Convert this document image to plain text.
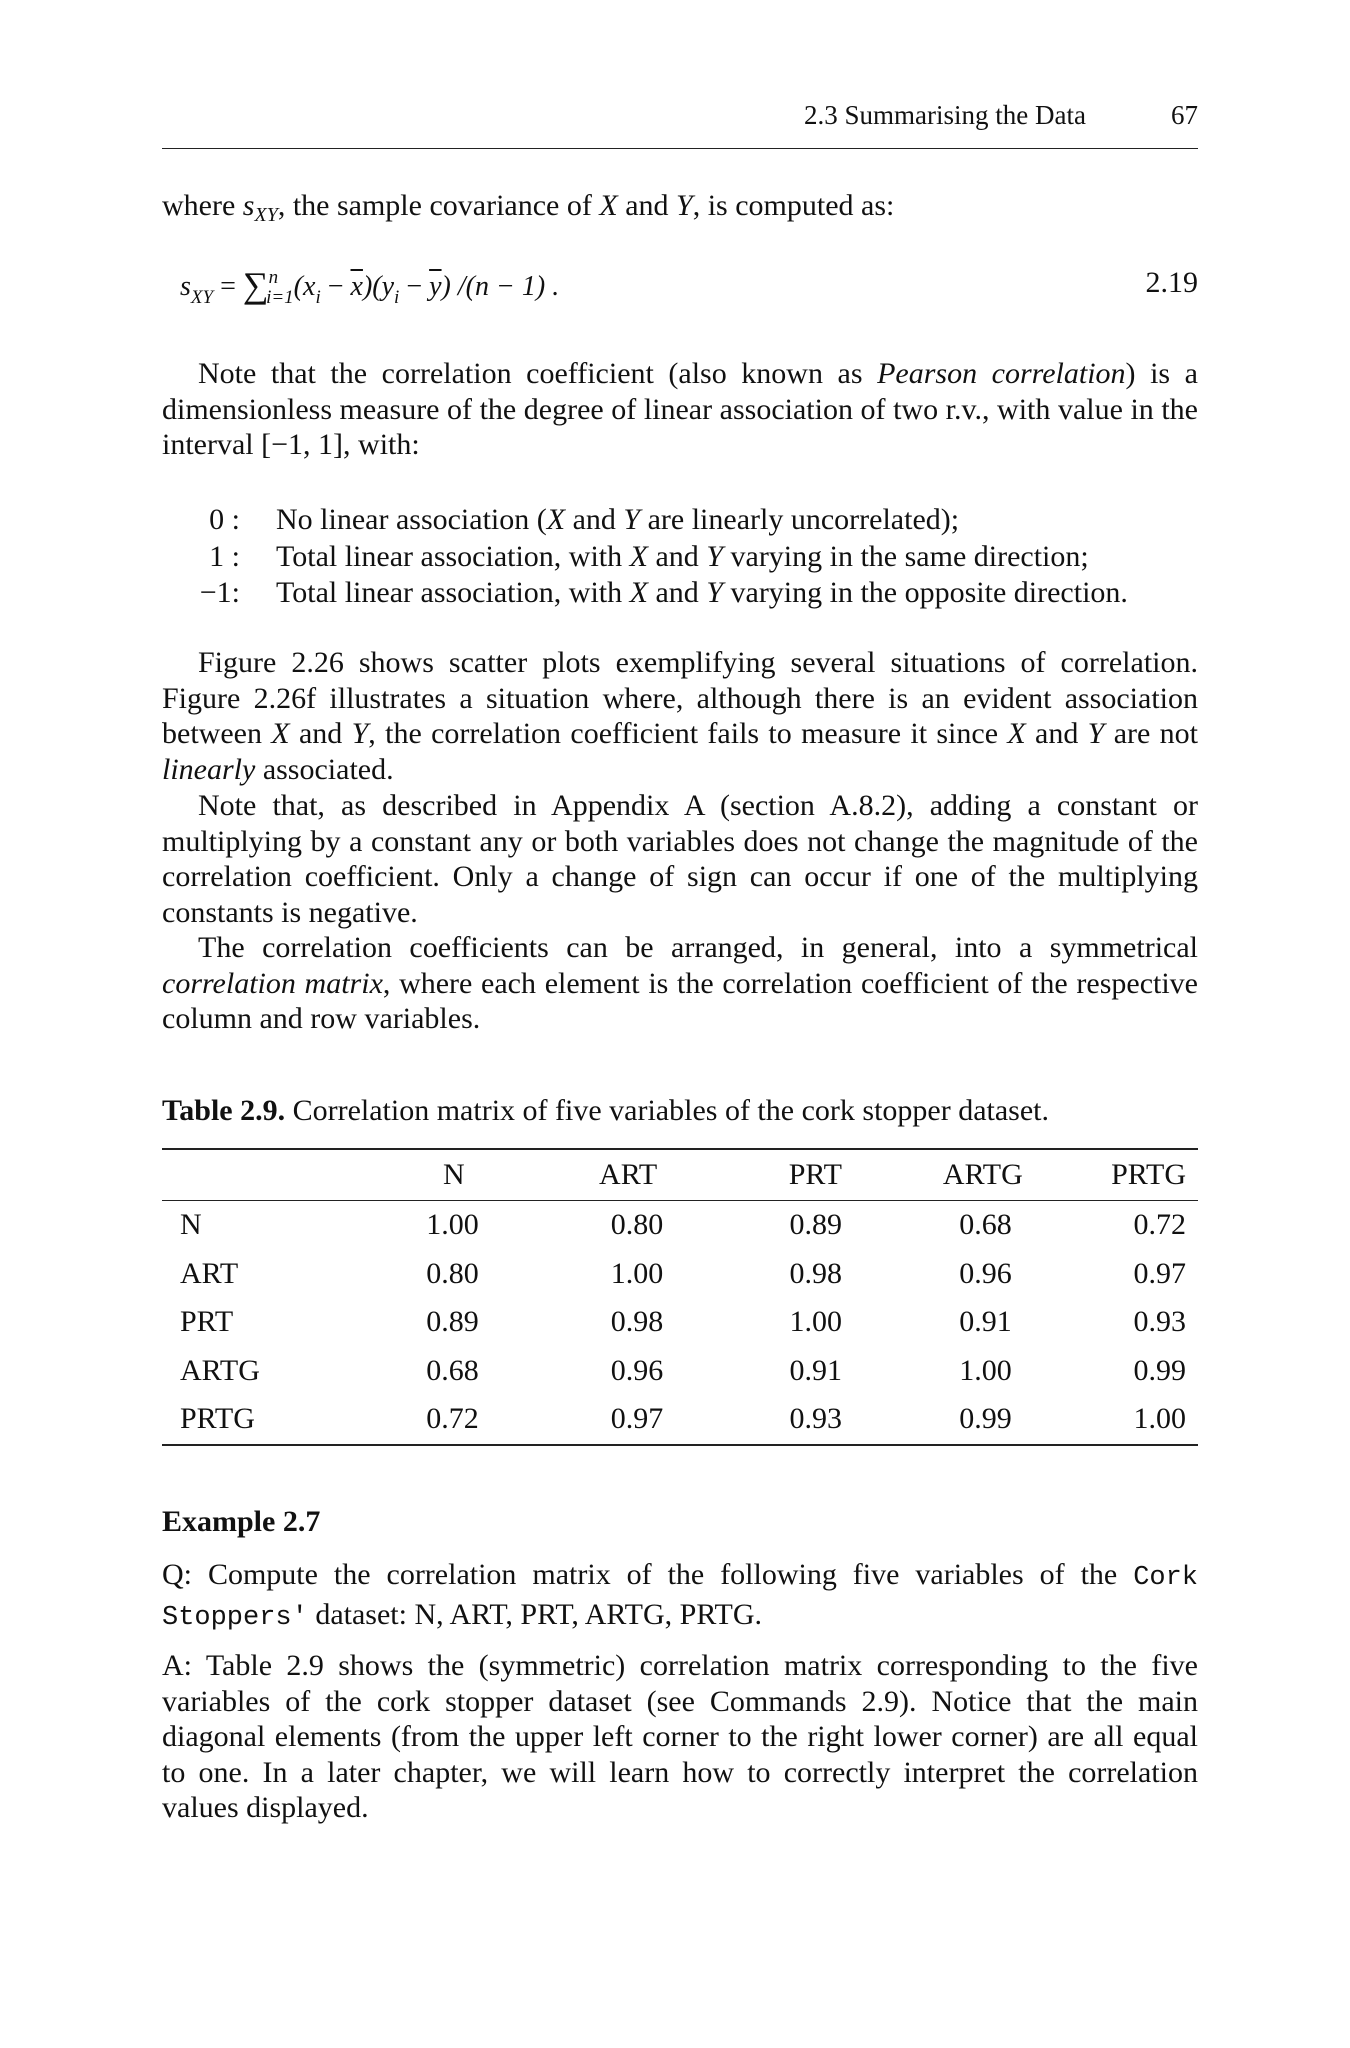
2.3 Summarising the Data	67

where $s_{XY}$, the sample covariance of X and Y, is computed as:

$s_{XY} = \sum^n_{i=1}(x_i - \overline{x})(y_i - \overline{y}) /(n - 1)$ .	2.19

Note that the correlation coefficient (also known as Pearson correlation) is a dimensionless measure of the degree of linear association of two r.v., with value in the interval [−1, 1], with:

0 : No linear association (X and Y are linearly uncorrelated);
1 : Total linear association, with X and Y varying in the same direction;
−1: Total linear association, with X and Y varying in the opposite direction.

Figure 2.26 shows scatter plots exemplifying several situations of correlation. Figure 2.26f illustrates a situation where, although there is an evident association between X and Y, the correlation coefficient fails to measure it since X and Y are not linearly associated.

Note that, as described in Appendix A (section A.8.2), adding a constant or multiplying by a constant any or both variables does not change the magnitude of the correlation coefficient. Only a change of sign can occur if one of the multiplying constants is negative.

The correlation coefficients can be arranged, in general, into a symmetrical correlation matrix, where each element is the correlation coefficient of the respective column and row variables.

Table 2.9. Correlation matrix of five variables of the cork stopper dataset.
	N	ART	PRT	ARTG	PRTG
N	1.00	0.80	0.89	0.68	0.72
ART	0.80	1.00	0.98	0.96	0.97
PRT	0.89	0.98	1.00	0.91	0.93
ARTG	0.68	0.96	0.91	1.00	0.99
PRTG	0.72	0.97	0.93	0.99	1.00
Example 2.7

Q: Compute the correlation matrix of the following five variables of the Cork Stoppers' dataset: N, ART, PRT, ARTG, PRTG.

A: Table 2.9 shows the (symmetric) correlation matrix corresponding to the five variables of the cork stopper dataset (see Commands 2.9). Notice that the main diagonal elements (from the upper left corner to the right lower corner) are all equal to one. In a later chapter, we will learn how to correctly interpret the correlation values displayed.
